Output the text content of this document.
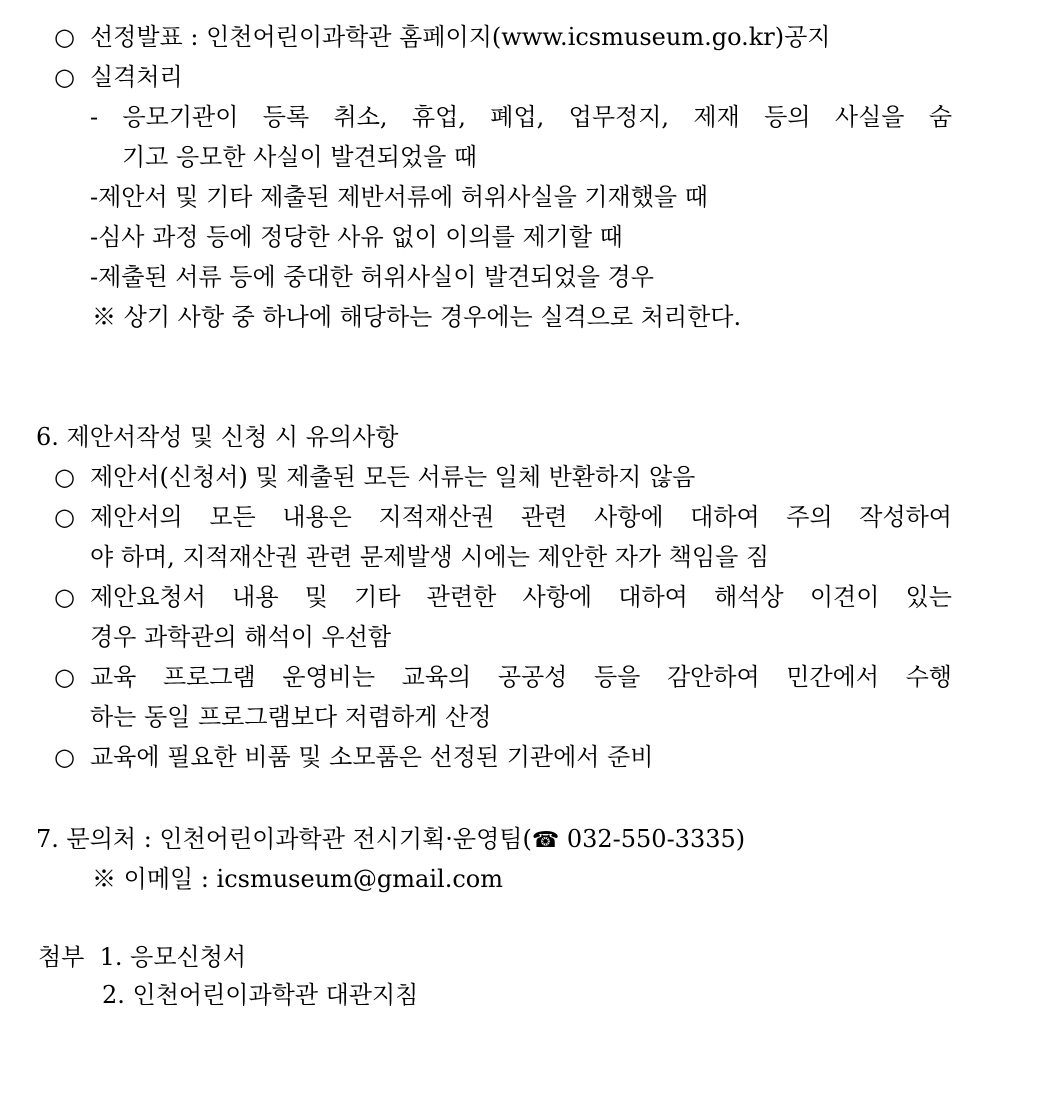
○ 선정발표 : 인천어린이과학관 홈페이지(www.icsmuseum.go.kr)공지
○ 실격처리
- 응모기관이 등록 취소, 휴업, 폐업, 업무정지, 제재 등의 사실을 숨
기고 응모한 사실이 발견되었을 때
-제안서 및 기타 제출된 제반서류에 허위사실을 기재했을 때
-심사 과정 등에 정당한 사유 없이 이의를 제기할 때
-제출된 서류 등에 중대한 허위사실이 발견되었을 경우
※ 상기 사항 중 하나에 해당하는 경우에는 실격으로 처리한다.
6. 제안서작성 및 신청 시 유의사항
○ 제안서(신청서) 및 제출된 모든 서류는 일체 반환하지 않음
○ 제안서의 모든 내용은 지적재산권 관련 사항에 대하여 주의 작성하여
야 하며, 지적재산권 관련 문제발생 시에는 제안한 자가 책임을 짐
○ 제안요청서 내용 및 기타 관련한 사항에 대하여 해석상 이견이 있는
경우 과학관의 해석이 우선함
○ 교육 프로그램 운영비는 교육의 공공성 등을 감안하여 민간에서 수행
하는 동일 프로그램보다 저렴하게 산정
○ 교육에 필요한 비품 및 소모품은 선정된 기관에서 준비
7. 문의처 : 인천어린이과학관 전시기획·운영팀(☎ 032-550-3335)
※ 이메일 : icsmuseum@gmail.com
첨부 1. 응모신청서
2. 인천어린이과학관 대관지침
